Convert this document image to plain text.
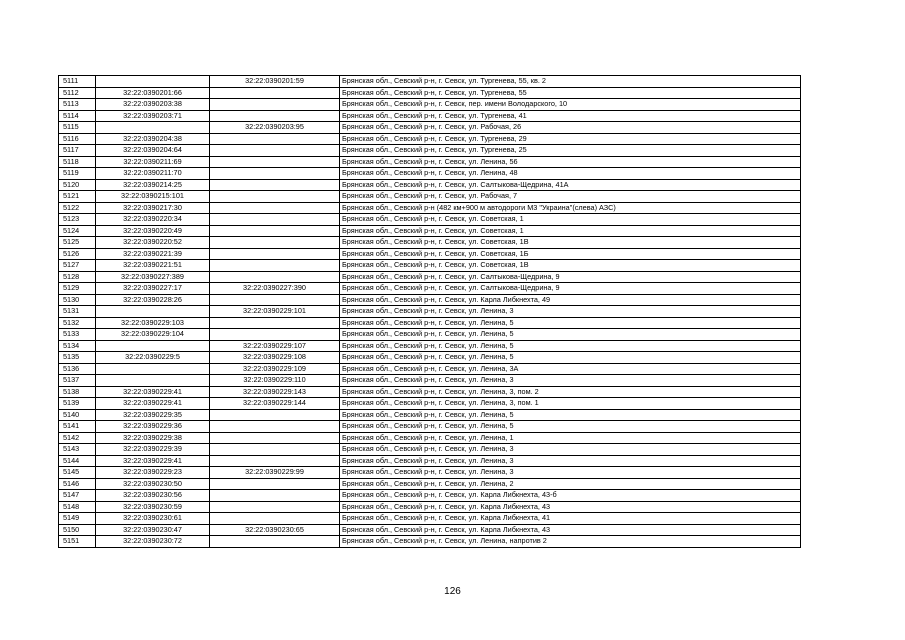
5111		32:22:0390201:59	Брянская обл., Севский р-н, г. Севск, ул. Тургенева, 55, кв. 2
5112	32:22:0390201:66		Брянская обл., Севский р-н, г. Севск, ул. Тургенева, 55
5113	32:22:0390203:38		Брянская обл., Севский р-н, г. Севск, пер. имени Володарского, 10
5114	32:22:0390203:71		Брянская обл., Севский р-н, г. Севск, ул. Тургенева, 41
5115		32:22:0390203:95	Брянская обл., Севский р-н, г. Севск, ул. Рабочая, 26
5116	32:22:0390204:38		Брянская обл., Севский р-н, г. Севск, ул. Тургенева, 29
5117	32:22:0390204:64		Брянская обл., Севский р-н, г. Севск, ул. Тургенева, 25
5118	32:22:0390211:69		Брянская обл., Севский р-н, г. Севск, ул. Ленина, 56
5119	32:22:0390211:70		Брянская обл., Севский р-н, г. Севск, ул. Ленина, 48
5120	32:22:0390214:25		Брянская обл., Севский р-н, г. Севск, ул. Салтыкова-Щедрина, 41А
5121	32:22:0390215:101		Брянская обл., Севский р-н, г. Севск, ул. Рабочая, 7
5122	32:22:0390217:30		Брянская обл., Севский р-н (482 км+900 м автодороги М3 "Украина"(слева) АЗС)
5123	32:22:0390220:34		Брянская обл., Севский р-н, г. Севск, ул. Советская, 1
5124	32:22:0390220:49		Брянская обл., Севский р-н, г. Севск, ул. Советская, 1
5125	32:22:0390220:52		Брянская обл., Севский р-н, г. Севск, ул. Советская, 1В
5126	32:22:0390221:39		Брянская обл., Севский р-н, г. Севск, ул. Советская, 1Б
5127	32:22:0390221:51		Брянская обл., Севский р-н, г. Севск, ул. Советская, 1В
5128	32:22:0390227:389		Брянская обл., Севский р-н, г. Севск, ул. Салтыкова-Щедрина, 9
5129	32:22:0390227:17	32:22:0390227:390	Брянская обл., Севский р-н, г. Севск, ул. Салтыкова-Щедрина, 9
5130	32:22:0390228:26		Брянская обл., Севский р-н, г. Севск, ул. Карла Либкнехта, 49
5131		32:22:0390229:101	Брянская обл., Севский р-н, г. Севск, ул. Ленина, 3
5132	32:22:0390229:103		Брянская обл., Севский р-н, г. Севск, ул. Ленина, 5
5133	32:22:0390229:104		Брянская обл., Севский р-н, г. Севск, ул. Ленина, 5
5134		32:22:0390229:107	Брянская обл., Севский р-н, г. Севск, ул. Ленина, 5
5135	32:22:0390229:5	32:22:0390229:108	Брянская обл., Севский р-н, г. Севск, ул. Ленина, 5
5136		32:22:0390229:109	Брянская обл., Севский р-н, г. Севск, ул. Ленина, 3А
5137		32:22:0390229:110	Брянская обл., Севский р-н, г. Севск, ул. Ленина, 3
5138	32:22:0390229:41	32:22:0390229:143	Брянская обл., Севский р-н, г. Севск, ул. Ленина, 3, пом. 2
5139	32:22:0390229:41	32:22:0390229:144	Брянская обл., Севский р-н, г. Севск, ул. Ленина, 3, пом. 1
5140	32:22:0390229:35		Брянская обл., Севский р-н, г. Севск, ул. Ленина, 5
5141	32:22:0390229:36		Брянская обл., Севский р-н, г. Севск, ул. Ленина, 5
5142	32:22:0390229:38		Брянская обл., Севский р-н, г. Севск, ул. Ленина, 1
5143	32:22:0390229:39		Брянская обл., Севский р-н, г. Севск, ул. Ленина, 3
5144	32:22:0390229:41		Брянская обл., Севский р-н, г. Севск, ул. Ленина, 3
5145	32:22:0390229:23	32:22:0390229:99	Брянская обл., Севский р-н, г. Севск, ул. Ленина, 3
5146	32:22:0390230:50		Брянская обл., Севский р-н, г. Севск, ул. Ленина, 2
5147	32:22:0390230:56		Брянская обл., Севский р-н, г. Севск, ул. Карла Либкнехта, 43-б
5148	32:22:0390230:59		Брянская обл., Севский р-н, г. Севск, ул. Карла Либкнехта, 43
5149	32:22:0390230:61		Брянская обл., Севский р-н, г. Севск, ул. Карла Либкнехта, 41
5150	32:22:0390230:47	32:22:0390230:65	Брянская обл., Севский р-н, г. Севск, ул. Карла Либкнехта, 43
5151	32:22:0390230:72		Брянская обл., Севский р-н, г. Севск, ул. Ленина, напротив 2
126
